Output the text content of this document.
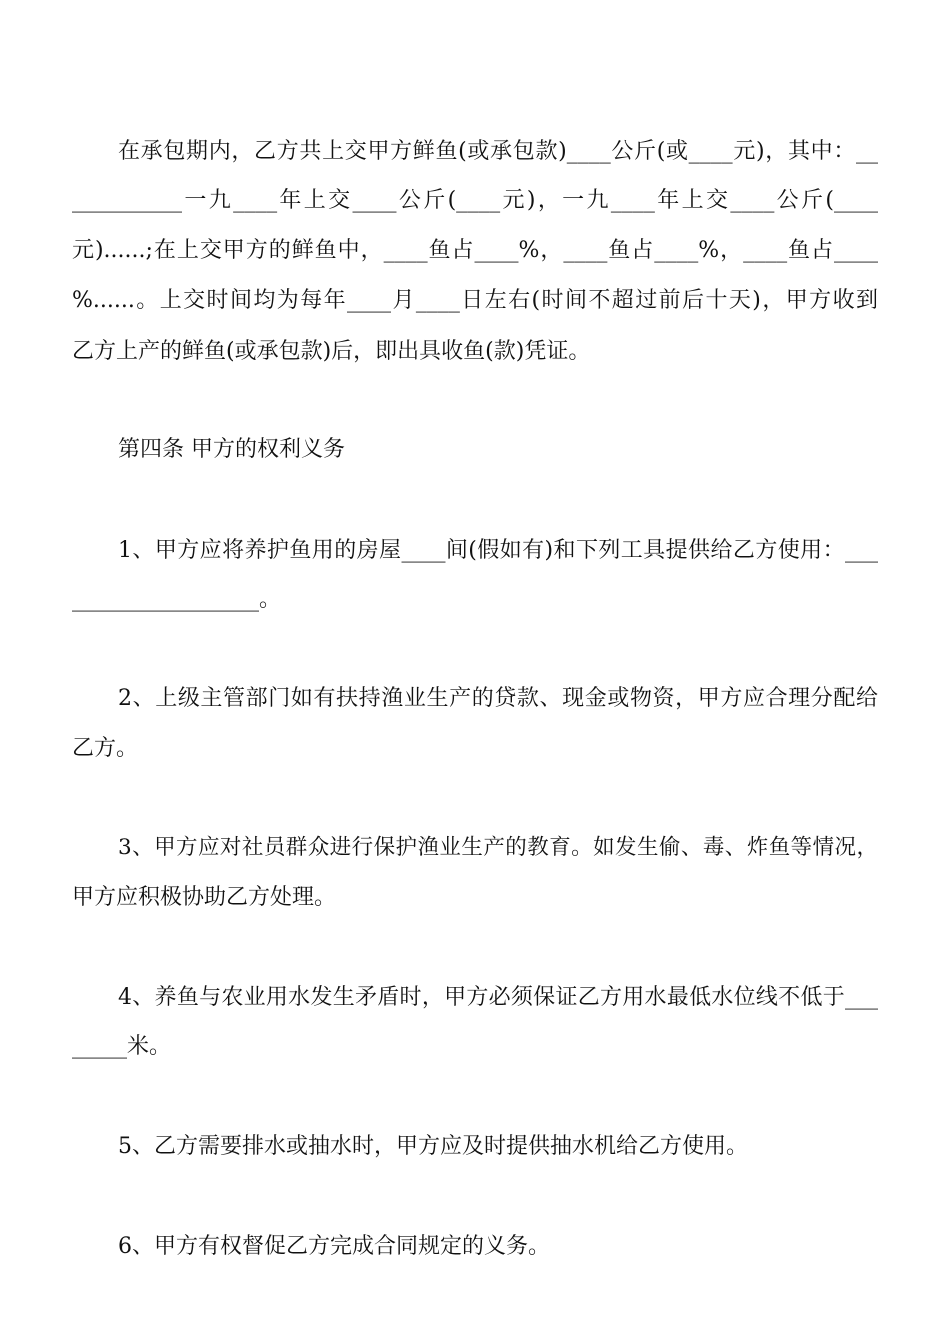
在承包期内，乙方共上交甲方鲜鱼(或承包款)____公斤(或____元)，其中：__
__________一九____年上交____公斤(____元)，一九____年上交____公斤(____
元)......;在上交甲方的鲜鱼中，____鱼占____%，____鱼占____%，____鱼占____
%......。上交时间均为每年____月____日左右(时间不超过前后十天)，甲方收到
乙方上产的鲜鱼(或承包款)后，即出具收鱼(款)凭证。
第四条 甲方的权利义务
1、甲方应将养护鱼用的房屋____间(假如有)和下列工具提供给乙方使用：___
_________________。
2、上级主管部门如有扶持渔业生产的贷款、现金或物资，甲方应合理分配给
乙方。
3、甲方应对社员群众进行保护渔业生产的教育。如发生偷、毒、炸鱼等情况，
甲方应积极协助乙方处理。
4、养鱼与农业用水发生矛盾时，甲方必须保证乙方用水最低水位线不低于___
_____米。
5、乙方需要排水或抽水时，甲方应及时提供抽水机给乙方使用。
6、甲方有权督促乙方完成合同规定的义务。
